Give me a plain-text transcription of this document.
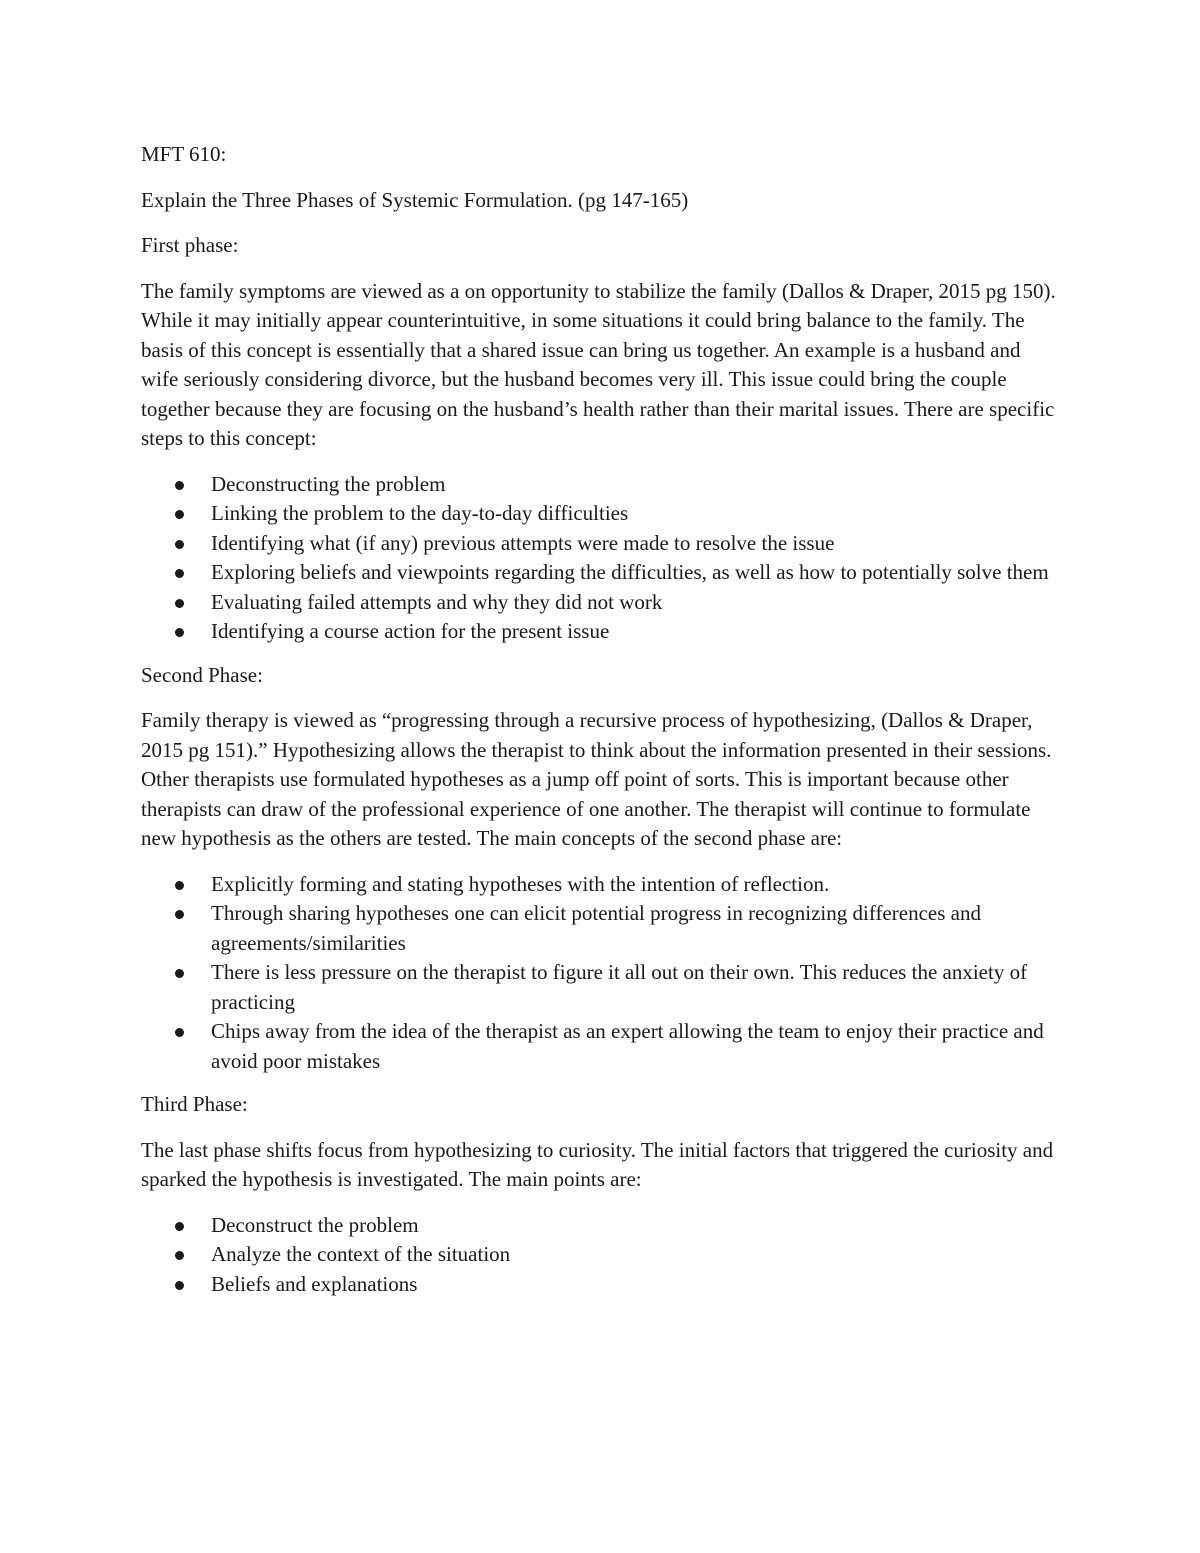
MFT 610:

Explain the Three Phases of Systemic Formulation. (pg 147-165)

First phase:

The family symptoms are viewed as a on opportunity to stabilize the family (Dallos & Draper, 2015 pg 150). While it may initially appear counterintuitive, in some situations it could bring balance to the family. The basis of this concept is essentially that a shared issue can bring us together. An example is a husband and wife seriously considering divorce, but the husband becomes very ill. This issue could bring the couple together because they are focusing on the husband’s health rather than their marital issues. There are specific steps to this concept:

Deconstructing the problem
Linking the problem to the day-to-day difficulties
Identifying what (if any) previous attempts were made to resolve the issue
Exploring beliefs and viewpoints regarding the difficulties, as well as how to potentially solve them
Evaluating failed attempts and why they did not work
Identifying a course action for the present issue

Second Phase:

Family therapy is viewed as “progressing through a recursive process of hypothesizing, (Dallos & Draper, 2015 pg 151).” Hypothesizing allows the therapist to think about the information presented in their sessions. Other therapists use formulated hypotheses as a jump off point of sorts. This is important because other therapists can draw of the professional experience of one another. The therapist will continue to formulate new hypothesis as the others are tested. The main concepts of the second phase are:

Explicitly forming and stating hypotheses with the intention of reflection.
Through sharing hypotheses one can elicit potential progress in recognizing differences and agreements/similarities
There is less pressure on the therapist to figure it all out on their own. This reduces the anxiety of practicing
Chips away from the idea of the therapist as an expert allowing the team to enjoy their practice and avoid poor mistakes

Third Phase:

The last phase shifts focus from hypothesizing to curiosity. The initial factors that triggered the curiosity and sparked the hypothesis is investigated. The main points are:

Deconstruct the problem
Analyze the context of the situation
Beliefs and explanations
